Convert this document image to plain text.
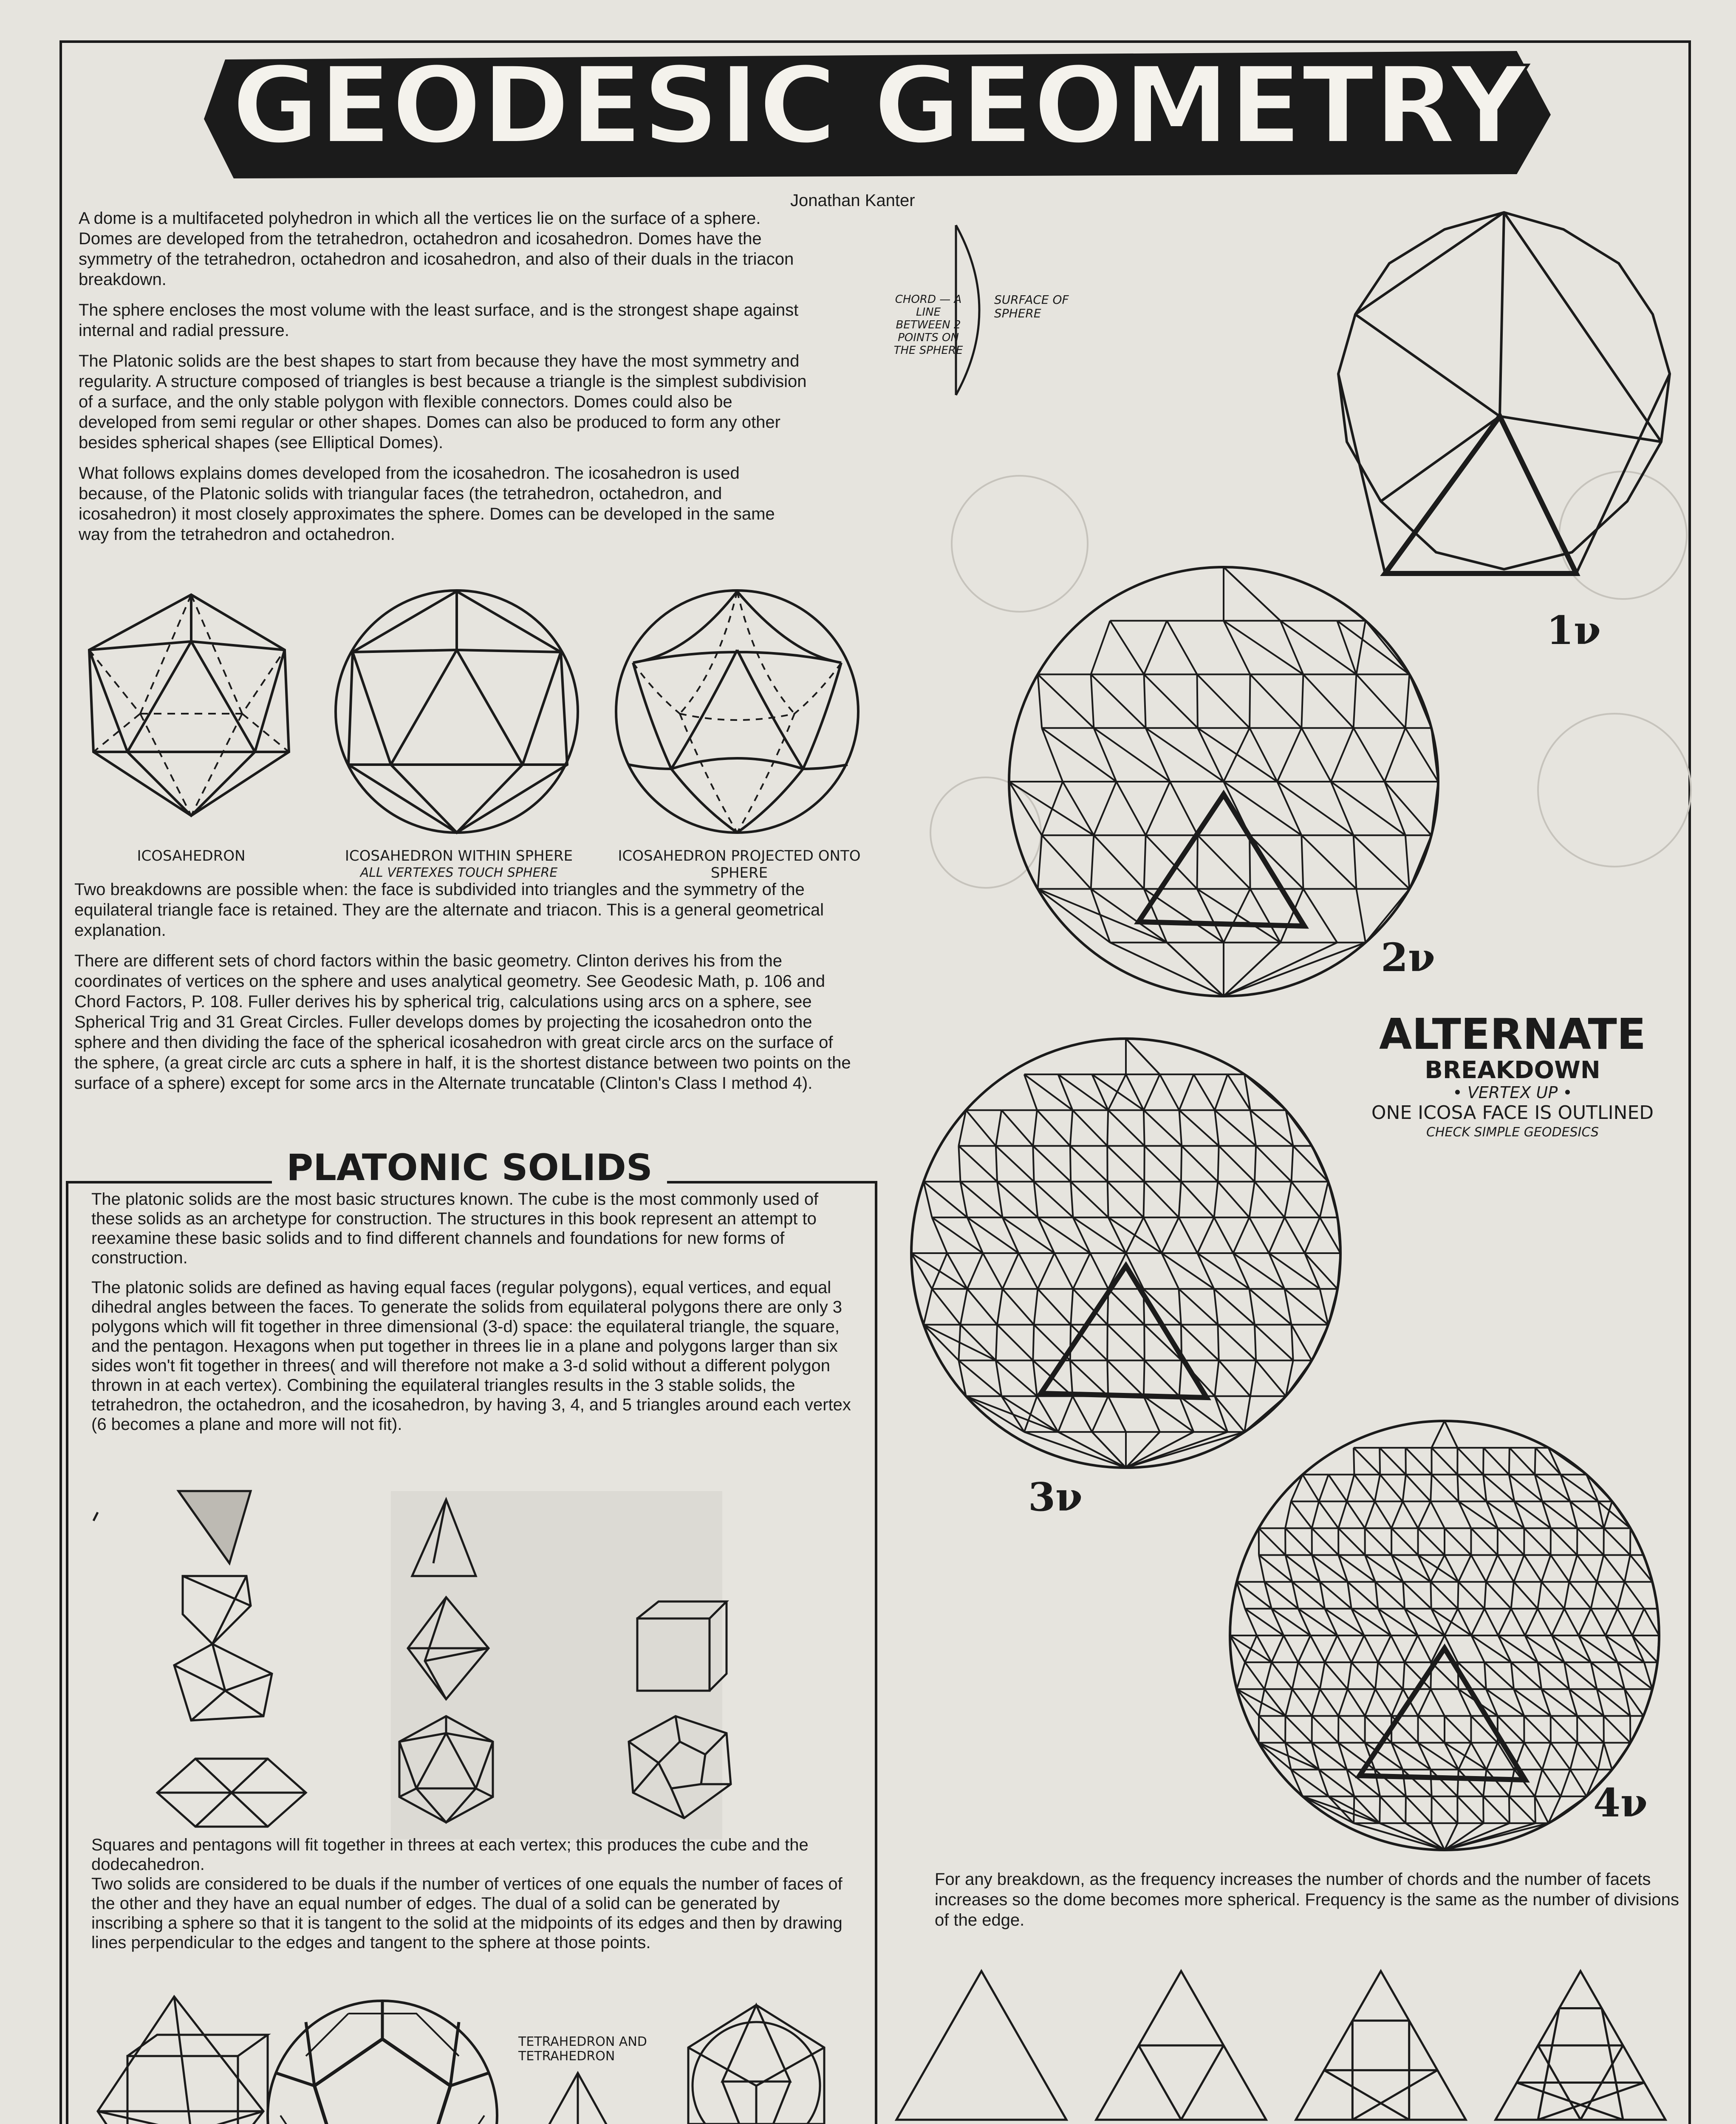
GEODESIC GEOMETRY
Jonathan Kanter

A dome is a multifaceted polyhedron in which all the vertices lie on the surface of a sphere. Domes are developed from the tetrahedron, octahedron and icosahedron. Domes have the symmetry of the tetrahedron, octahedron and icosahedron, and also of their duals in the triacon breakdown.

The sphere encloses the most volume with the least surface, and is the strongest shape against internal and radial pressure.

The Platonic solids are the best shapes to start from because they have the most symmetry and regularity. A structure composed of triangles is best because a triangle is the simplest subdivision of a surface, and the only stable polygon with flexible connectors. Domes could also be developed from semi regular or other shapes. Domes can also be produced to form any other besides spherical shapes (see Elliptical Domes).

What follows explains domes developed from the icosahedron. The icosahedron is used because, of the Platonic solids with triangular faces (the tetrahedron, octahedron, and icosahedron) it most closely approximates the sphere. Domes can be developed in the same way from the tetrahedron and octahedron.

ICOSAHEDRON	ICOSAHEDRON WITHIN SPHERE
ALL VERTEXES TOUCH SPHERE
ICOSAHEDRON PROJECTED ONTO SPHERE

Two breakdowns are possible when: the face is subdivided into triangles and the symmetry of the equilateral triangle face is retained. They are the alternate and triacon. This is a general geometrical explanation.

There are different sets of chord factors within the basic geometry. Clinton derives his from the coordinates of vertices on the sphere and uses analytical geometry. See Geodesic Math, p. 106 and Chord Factors, P. 108. Fuller derives his by spherical trig, calculations using arcs on a sphere, see Spherical Trig and 31 Great Circles. Fuller develops domes by projecting the icosahedron onto the sphere and then dividing the face of the spherical icosahedron with great circle arcs on the surface of the sphere, (a great circle arc cuts a sphere in half, it is the shortest distance between two points on the surface of a sphere) except for some arcs in the Alternate truncatable (Clinton's Class I method 4).

PLATONIC SOLIDS

The platonic solids are the most basic structures known. The cube is the most commonly used of these solids as an archetype for construction. The structures in this book represent an attempt to reexamine these basic solids and to find different channels and foundations for new forms of construction.

The platonic solids are defined as having equal faces (regular polygons), equal vertices, and equal dihedral angles between the faces. To generate the solids from equilateral polygons there are only 3 polygons which will fit together in three dimensional (3-d) space: the equilateral triangle, the square, and the pentagon. Hexagons when put together in threes lie in a plane and polygons larger than six sides won't fit together in threes( and will therefore not make a 3-d solid without a different polygon thrown in at each vertex). Combining the equilateral triangles results in the 3 stable solids, the tetrahedron, the octahedron, and the icosahedron, by having 3, 4, and 5 triangles around each vertex (6 becomes a plane and more will not fit).

Squares and pentagons will fit together in threes at each vertex; this produces the cube and the dodecahedron.

Two solids are considered to be duals if the number of vertices of one equals the number of faces of the other and they have an equal number of edges. The dual of a solid can be generated by inscribing a sphere so that it is tangent to the solid at the midpoints of its edges and then by drawing lines perpendicular to the edges and tangent to the sphere at those points.

TETRAHEDRON AND TETRAHEDRON
CHORD — A LINE BETWEEN 2 POINTS ON THE SPHERE
SURFACE OF SPHERE
1ν
2ν
3ν
4ν
ALTERNATE
BREAKDOWN
• VERTEX UP •
ONE ICOSA FACE IS OUTLINED
CHECK SIMPLE GEODESICS
For any breakdown, as the frequency increases the number of chords and the number of facets increases so the dome becomes more spherical. Frequency is the same as the number of divisions of the edge.
